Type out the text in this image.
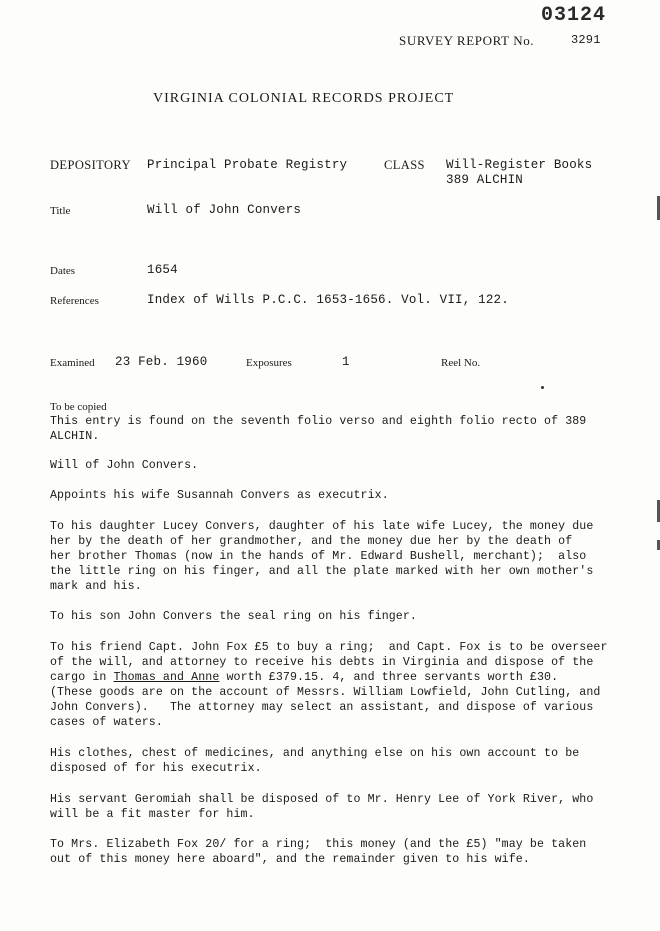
03124
SURVEY REPORT No.	3291
VIRGINIA COLONIAL RECORDS PROJECT
DEPOSITORY Principal Probate Registry	CLASS Will-Register Books
389 ALCHIN
Title	Will of John Convers
Dates	1654
References	Index of Wills P.C.C. 1653-1656. Vol. VII, 122.
Examined 23 Feb. 1960	Exposures	1	Reel No.
To be copied
This entry is found on the seventh folio verso and eighth folio recto of 389
ALCHIN.
Will of John Convers.
Appoints his wife Susannah Convers as executrix.
To his daughter Lucey Convers, daughter of his late wife Lucey, the money due
her by the death of her grandmother, and the money due her by the death of
her brother Thomas (now in the hands of Mr. Edward Bushell, merchant);  also
the little ring on his finger, and all the plate marked with her own mother's
mark and his.
To his son John Convers the seal ring on his finger.
To his friend Capt. John Fox £5 to buy a ring;  and Capt. Fox is to be overseer
of the will, and attorney to receive his debts in Virginia and dispose of the
cargo in Thomas and Anne worth £379.15. 4, and three servants worth £30.
(These goods are on the account of Messrs. William Lowfield, John Cutling, and
John Convers).   The attorney may select an assistant, and dispose of various
cases of waters.
His clothes, chest of medicines, and anything else on his own account to be
disposed of for his executrix.
His servant Geromiah shall be disposed of to Mr. Henry Lee of York River, who
will be a fit master for him.
To Mrs. Elizabeth Fox 20/ for a ring;  this money (and the £5) "may be taken
out of this money here aboard", and the remainder given to his wife.
